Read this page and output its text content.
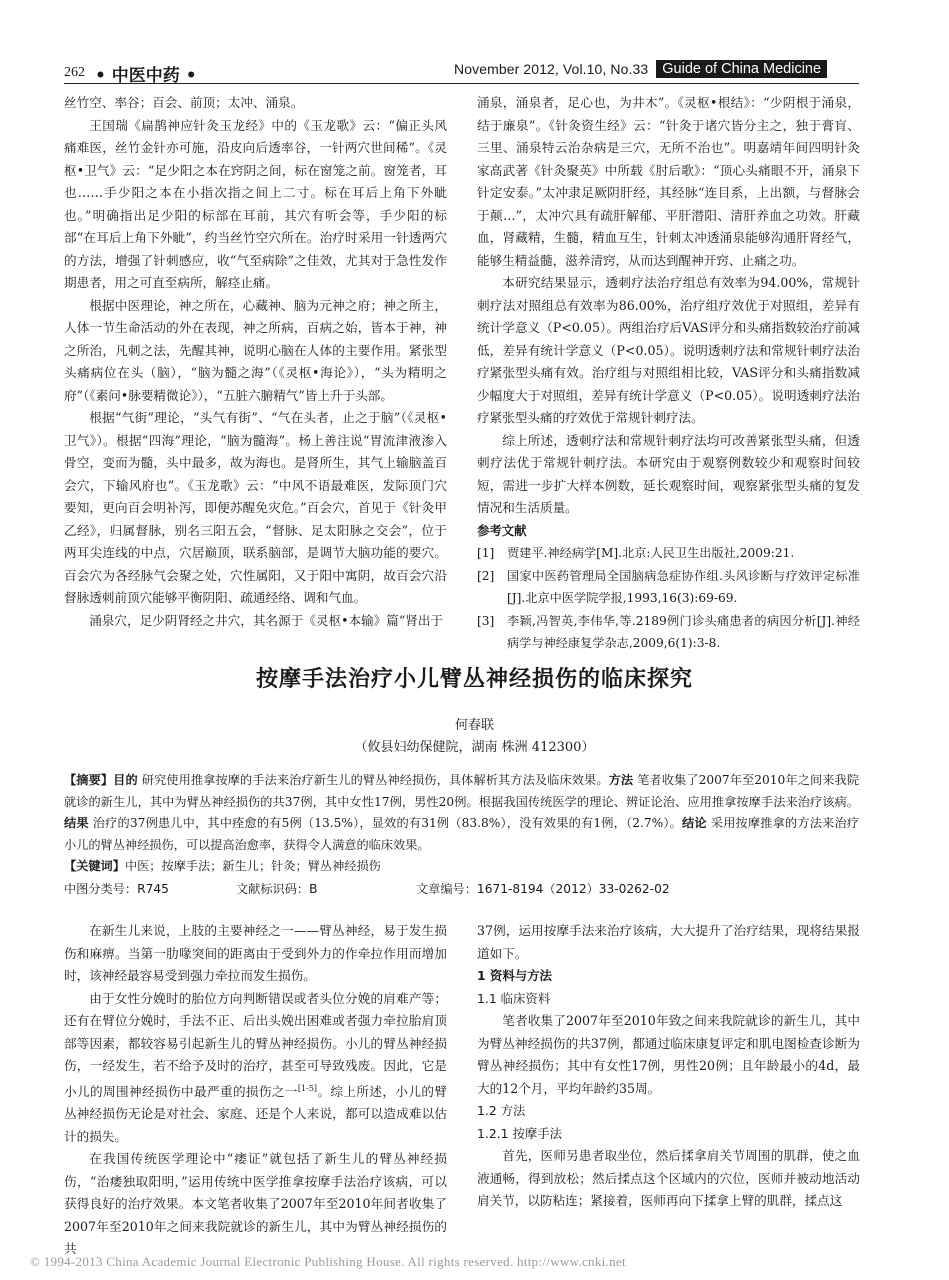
262 • 中医中药 •	November 2012, Vol.10, No.33 Guide of China Medicine

丝竹空、率谷；百会、前顶；太冲、涌泉。

王国瑞《扁鹊神应针灸玉龙经》中的《玉龙歌》云：“偏正头风痛难医，丝竹金针亦可施，沿皮向后透率谷，一针两穴世间稀”。《灵枢•卫气》云：“足少阳之本在窍阴之间，标在窗笼之前。窗笼者，耳也……手少阳之本在小指次指之间上二寸。标在耳后上角下外眦也。”明确指出足少阳的标部在耳前，其穴有听会等，手少阳的标部“在耳后上角下外眦”，约当丝竹空穴所在。治疗时采用一针透两穴的方法，增强了针刺感应，收“气至病除”之佳效，尤其对于急性发作期患者，用之可直至病所，解痉止痛。

根据中医理论，神之所在，心藏神、脑为元神之府；神之所主，人体一节生命活动的外在表现，神之所病，百病之始，皆本于神，神之所治，凡刺之法，先醒其神，说明心脑在人体的主要作用。紧张型头痛病位在头（脑），“脑为髓之海”（《灵枢•海论》），“头为精明之府”（《素问•脉要精微论》），“五脏六腑精气”皆上升于头部。

根据“气街”理论，“头气有街”、“气在头者，止之于脑”（《灵枢•卫气》）。根据“四海”理论，“脑为髓海”。杨上善注说“胃流津液渗入骨空，变而为髓，头中最多，故为海也。是肾所生，其气上输脑盖百会穴，下输风府也”。《玉龙歌》云：“中风不语最难医，发际顶门穴要知，更向百会明补泻，即便苏醒免灾危。”百会穴，首见于《针灸甲乙经》，归属督脉，别名三阳五会，“督脉、足太阳脉之交会”，位于两耳尖连线的中点，穴居巅顶，联系脑部，是调节大脑功能的要穴。百会穴为各经脉气会聚之处，穴性属阳，又于阳中寓阴，故百会穴沿督脉透刺前顶穴能够平衡阴阳、疏通经络、调和气血。

涌泉穴，足少阴肾经之井穴，其名源于《灵枢•本输》篇“肾出于

涌泉，涌泉者，足心也，为井木”。《灵枢•根结》：“少阴根于涌泉，结于廉泉”。《针灸资生经》云：“针灸于诸穴皆分主之，独于膏肓、三里、涌泉特云治杂病是三穴，无所不治也”。明嘉靖年间四明针灸家高武著《针灸聚英》中所载《肘后歌》：“顶心头痛眼不开，涌泉下针定安泰。”太冲隶足厥阴肝经，其经脉“连目系，上出额，与督脉会于颠…”，太冲穴具有疏肝解郁、平肝潜阳、清肝养血之功效。肝藏血，肾藏精，生髓，精血互生，针刺太冲透涌泉能够沟通肝肾经气，能够生精益髓，滋养清窍，从而达到醒神开窍、止痛之功。

本研究结果显示，透刺疗法治疗组总有效率为94.00%，常规针刺疗法对照组总有效率为86.00%，治疗组疗效优于对照组，差异有统计学意义（P<0.05）。两组治疗后VAS评分和头痛指数较治疗前减低，差异有统计学意义（P<0.05）。说明透刺疗法和常规针刺疗法治疗紧张型头痛有效。治疗组与对照组相比较，VAS评分和头痛指数减少幅度大于对照组，差异有统计学意义（P<0.05）。说明透刺疗法治疗紧张型头痛的疗效优于常规针刺疗法。

综上所述，透刺疗法和常规针刺疗法均可改善紧张型头痛，但透刺疗法优于常规针刺疗法。本研究由于观察例数较少和观察时间较短，需进一步扩大样本例数，延长观察时间，观察紧张型头痛的复发情况和生活质量。

参考文献

[1]	贾建平.神经病学[M].北京:人民卫生出版社,2009:21.
[2]	国家中医药管理局全国脑病急症协作组.头风诊断与疗效评定标准[J].北京中医学院学报,1993,16(3):69-69.
[3]	李颖,冯智英,李伟华,等.2189例门诊头痛患者的病因分析[J].神经病学与神经康复学杂志,2009,6(1):3-8.
按摩手法治疗小儿臂丛神经损伤的临床探究
何春联
（攸县妇幼保健院，湖南 株洲 412300）
【摘要】目的 研究使用推拿按摩的手法来治疗新生儿的臂丛神经损伤，具体解析其方法及临床效果。方法 笔者收集了2007年至2010年之间来我院就诊的新生儿，其中为臂丛神经损伤的共37例，其中女性17例，男性20例。根据我国传统医学的理论、辨证论治、应用推拿按摩手法来治疗该病。结果 治疗的37例患儿中，其中痊愈的有5例（13.5%），显效的有31例（83.8%），没有效果的有1例，（2.7%）。结论 采用按摩推拿的方法来治疗小儿的臂丛神经损伤，可以提高治愈率，获得令人满意的临床效果。
【关键词】中医；按摩手法；新生儿；针灸；臂丛神经损伤
中图分类号：R745	文献标识码：B	文章编号：1671-8194（2012）33-0262-02

在新生儿来说，上肢的主要神经之一——臂丛神经，易于发生损伤和麻痹。当第一肋喙突间的距离由于受到外力的作牵拉作用而增加时，该神经最容易受到强力牵拉而发生损伤。

由于女性分娩时的胎位方向判断错误或者头位分娩的肩难产等；还有在臂位分娩时，手法不正、后出头娩出困难或者强力牵拉胎肩顶部等因素，都较容易引起新生儿的臂丛神经损伤。小儿的臂丛神经损伤，一经发生，若不给予及时的治疗，甚至可导致残废。因此，它是小儿的周围神经损伤中最严重的损伤之一[1-5]。综上所述，小儿的臂丛神经损伤无论是对社会、家庭、还是个人来说，都可以造成难以估计的损失。

在我国传统医学理论中“痿证”就包括了新生儿的臂丛神经损伤，“治痿独取阳明，”运用传统中医学推拿按摩手法治疗该病，可以获得良好的治疗效果。本文笔者收集了2007年至2010年间者收集了2007年至2010年之间来我院就诊的新生儿，其中为臂丛神经损伤的共

37例，运用按摩手法来治疗该病，大大提升了治疗结果，现将结果报道如下。

1 资料与方法

1.1 临床资料

笔者收集了2007年至2010年致之间来我院就诊的新生儿，其中为臂丛神经损伤的共37例，都通过临床康复评定和肌电图检查诊断为臂丛神经损伤；其中有女性17例，男性20例；且年龄最小的4d，最大的12个月，平均年龄约35周。

1.2 方法

1.2.1 按摩手法

首先，医师另患者取坐位，然后揉拿肩关节周围的肌群，使之血液通畅，得到放松；然后揉点这个区域内的穴位，医师并被动地活动肩关节，以防粘连；紧接着，医师再向下揉拿上臂的肌群，揉点这

© 1994-2013 China Academic Journal Electronic Publishing House. All rights reserved. http://www.cnki.net
